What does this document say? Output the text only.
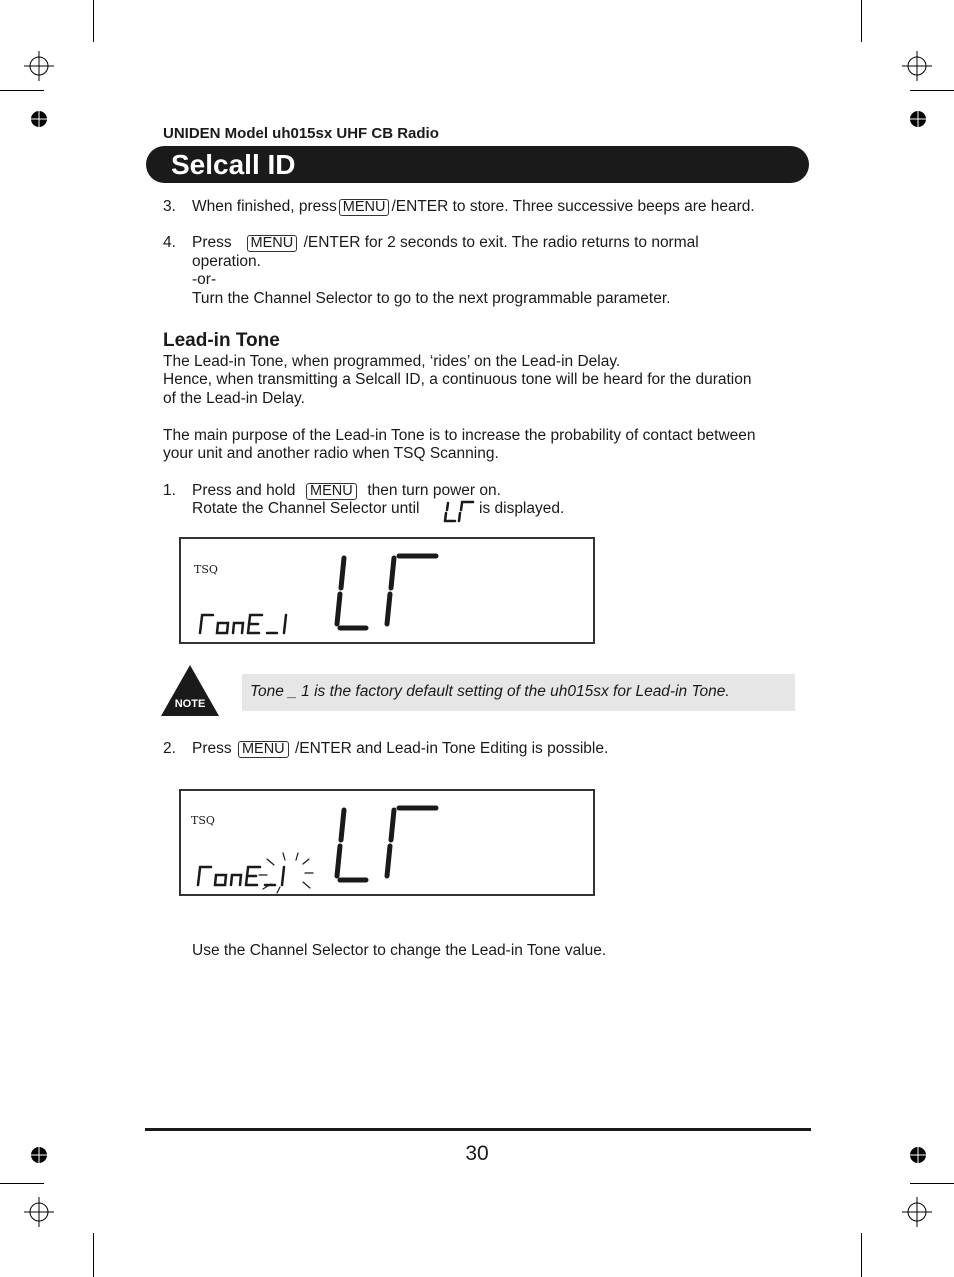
UNIDEN Model uh015sx UHF CB Radio
Selcall ID
3. When finished, press MENU /ENTER to store. Three successive beeps are heard.
4. Press MENU /ENTER for 2 seconds to exit. The radio returns to normal
operation.
-or-
Turn the Channel Selector to go to the next programmable parameter.
Lead-in Tone
The Lead-in Tone, when programmed, ‘rides’ on the Lead-in Delay.
Hence, when transmitting a Selcall ID, a continuous tone will be heard for the duration
of the Lead-in Delay.
The main purpose of the Lead-in Tone is to increase the probability of contact between
your unit and another radio when TSQ Scanning.
1. Press and hold MENU then turn power on.
Rotate the Channel Selector until	is displayed.
TSQ
NOTE
Tone _ 1 is the factory default setting of the uh015sx for Lead-in Tone.
2. Press MENU /ENTER and Lead-in Tone Editing is possible.
TSQ
Use the Channel Selector to change the Lead-in Tone value.
30
